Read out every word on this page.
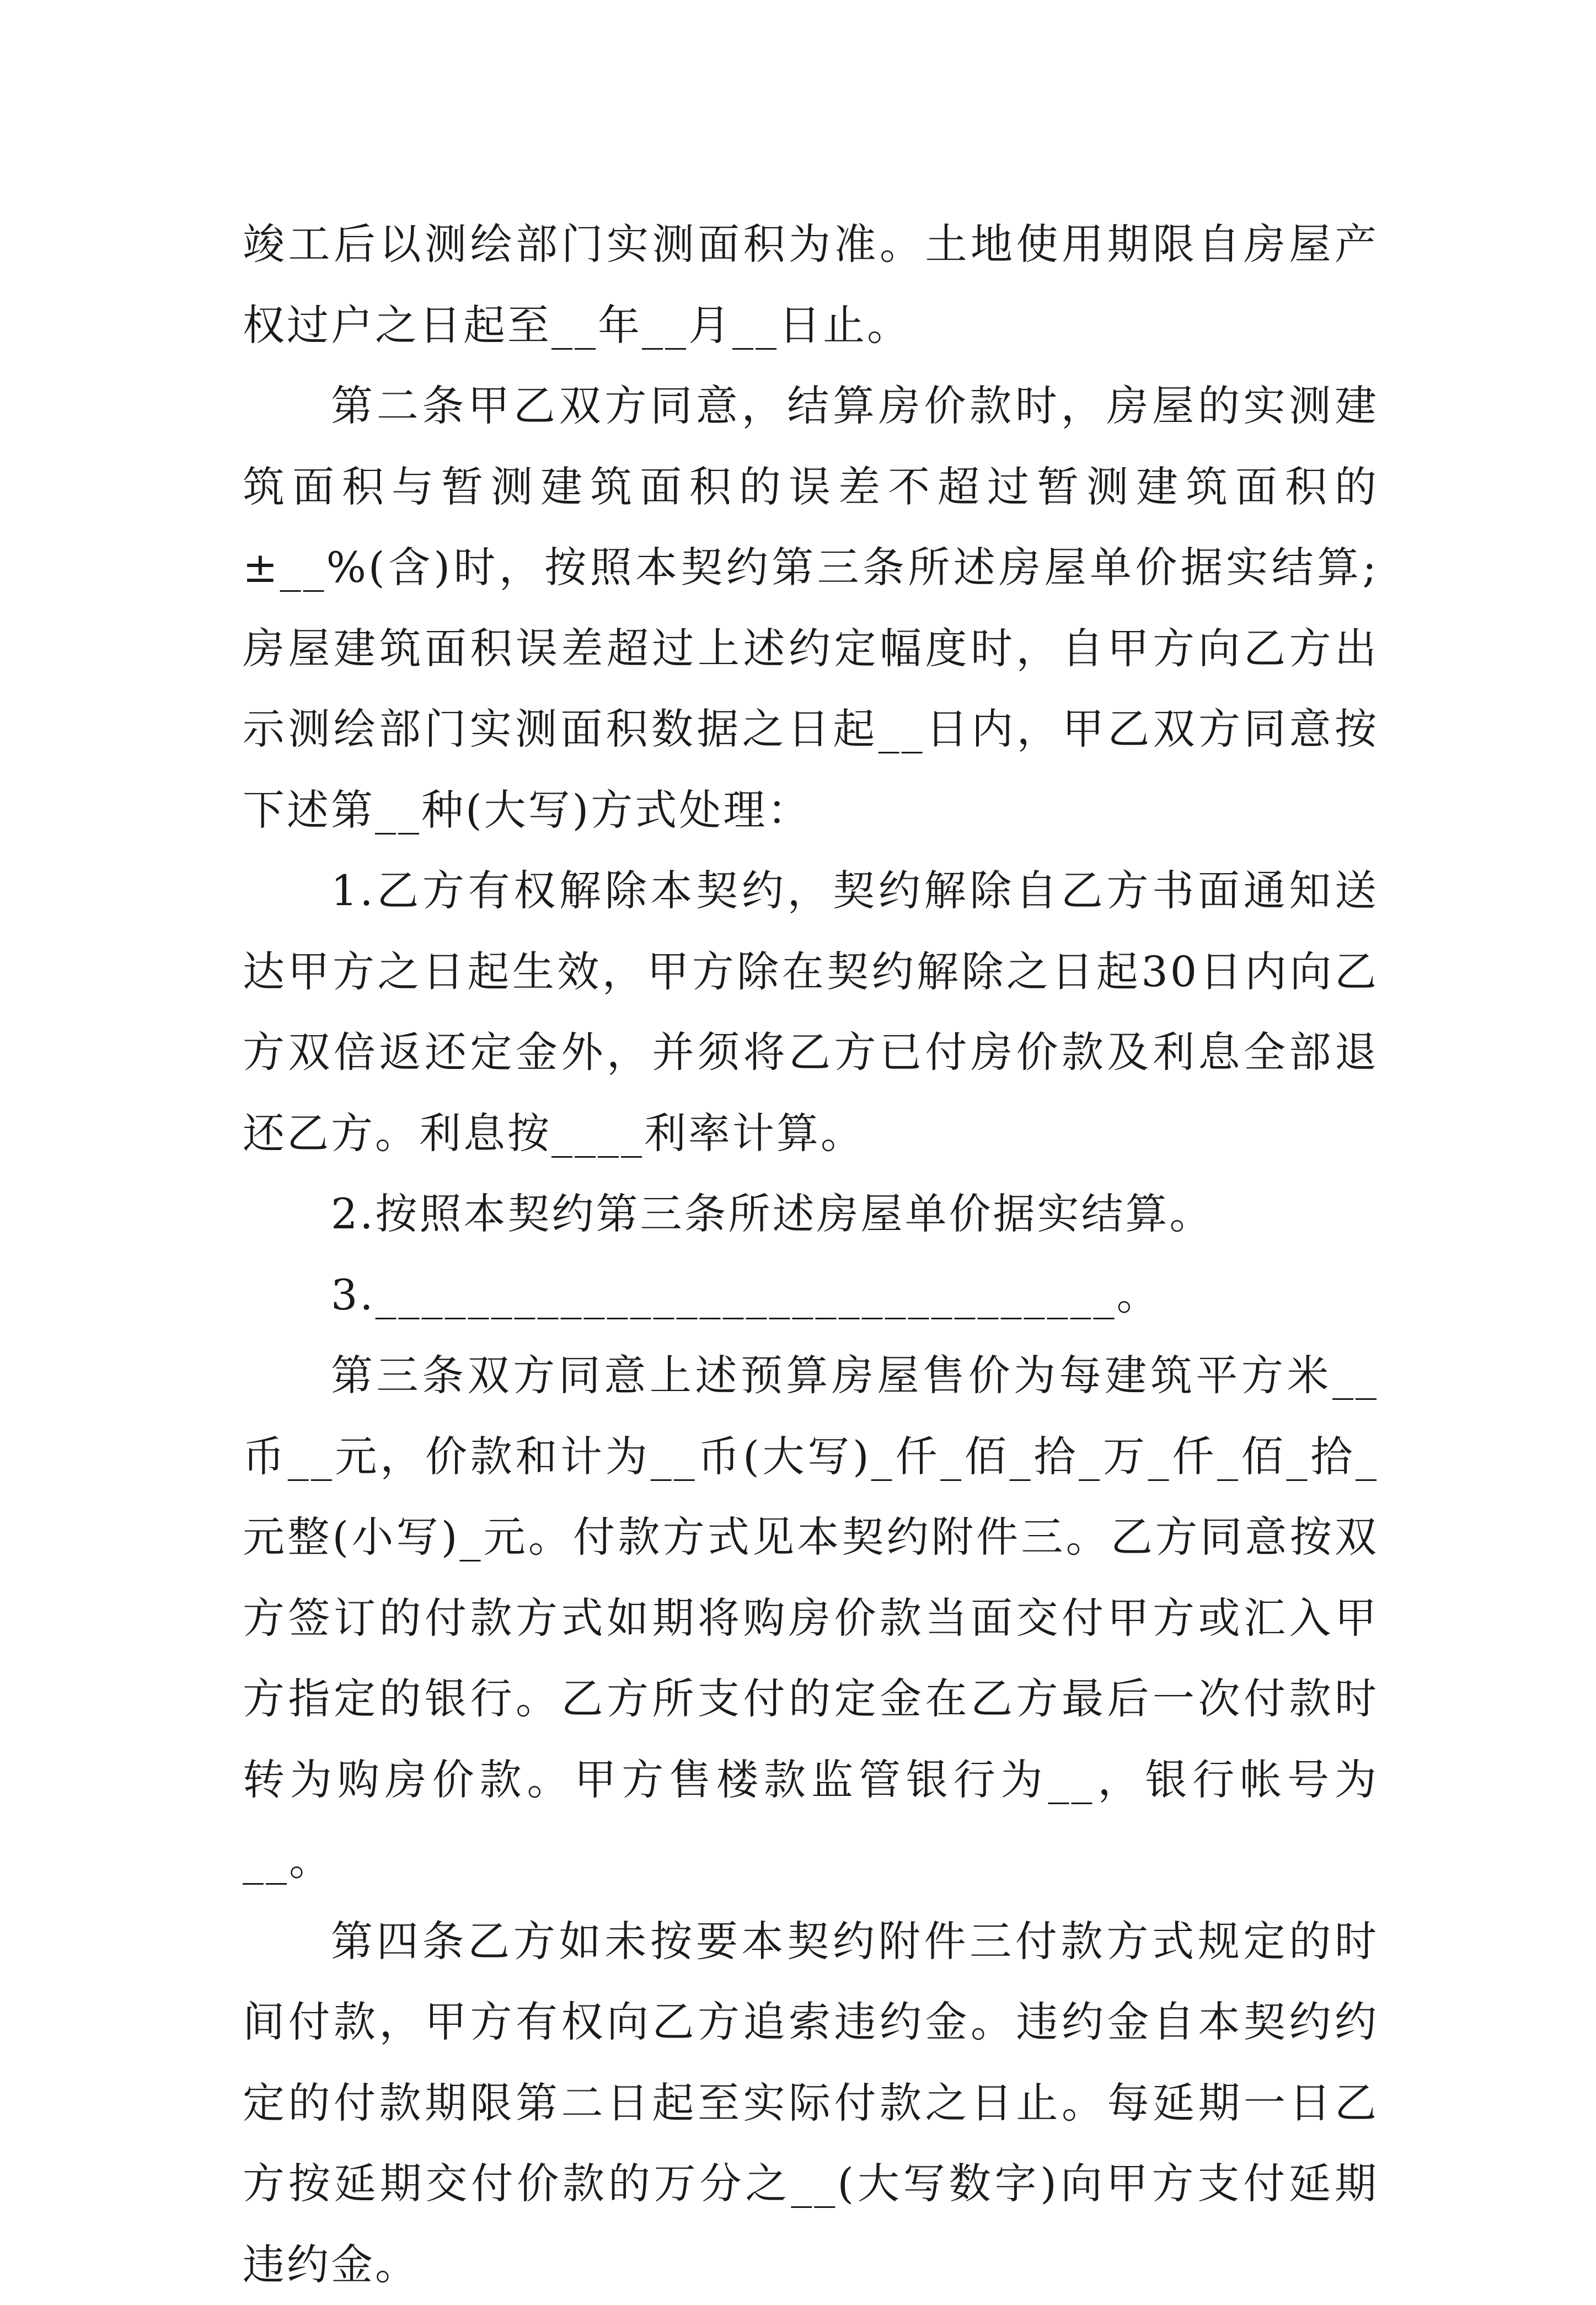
竣工后以测绘部门实测面积为准。土地使用期限自房屋产权过户之日起至__年__月__日止。

第二条甲乙双方同意，结算房价款时，房屋的实测建筑面积与暂测建筑面积的误差不超过暂测建筑面积的±__%(含)时，按照本契约第三条所述房屋单价据实结算;房屋建筑面积误差超过上述约定幅度时，自甲方向乙方出示测绘部门实测面积数据之日起__日内，甲乙双方同意按下述第__种(大写)方式处理：

1.乙方有权解除本契约，契约解除自乙方书面通知送达甲方之日起生效，甲方除在契约解除之日起30日内向乙方双倍返还定金外，并须将乙方已付房价款及利息全部退还乙方。利息按____利率计算。

2.按照本契约第三条所述房屋单价据实结算。

3.________________________________。

第三条双方同意上述预算房屋售价为每建筑平方米__币__元，价款和计为__币(大写)_仟_佰_拾_万_仟_佰_拾_元整(小写)_元。付款方式见本契约附件三。乙方同意按双方签订的付款方式如期将购房价款当面交付甲方或汇入甲方指定的银行。乙方所支付的定金在乙方最后一次付款时转为购房价款。甲方售楼款监管银行为__，银行帐号为__。

第四条乙方如未按要本契约附件三付款方式规定的时间付款，甲方有权向乙方追索违约金。违约金自本契约约定的付款期限第二日起至实际付款之日止。每延期一日乙方按延期交付价款的万分之__(大写数字)向甲方支付延期违约金。
